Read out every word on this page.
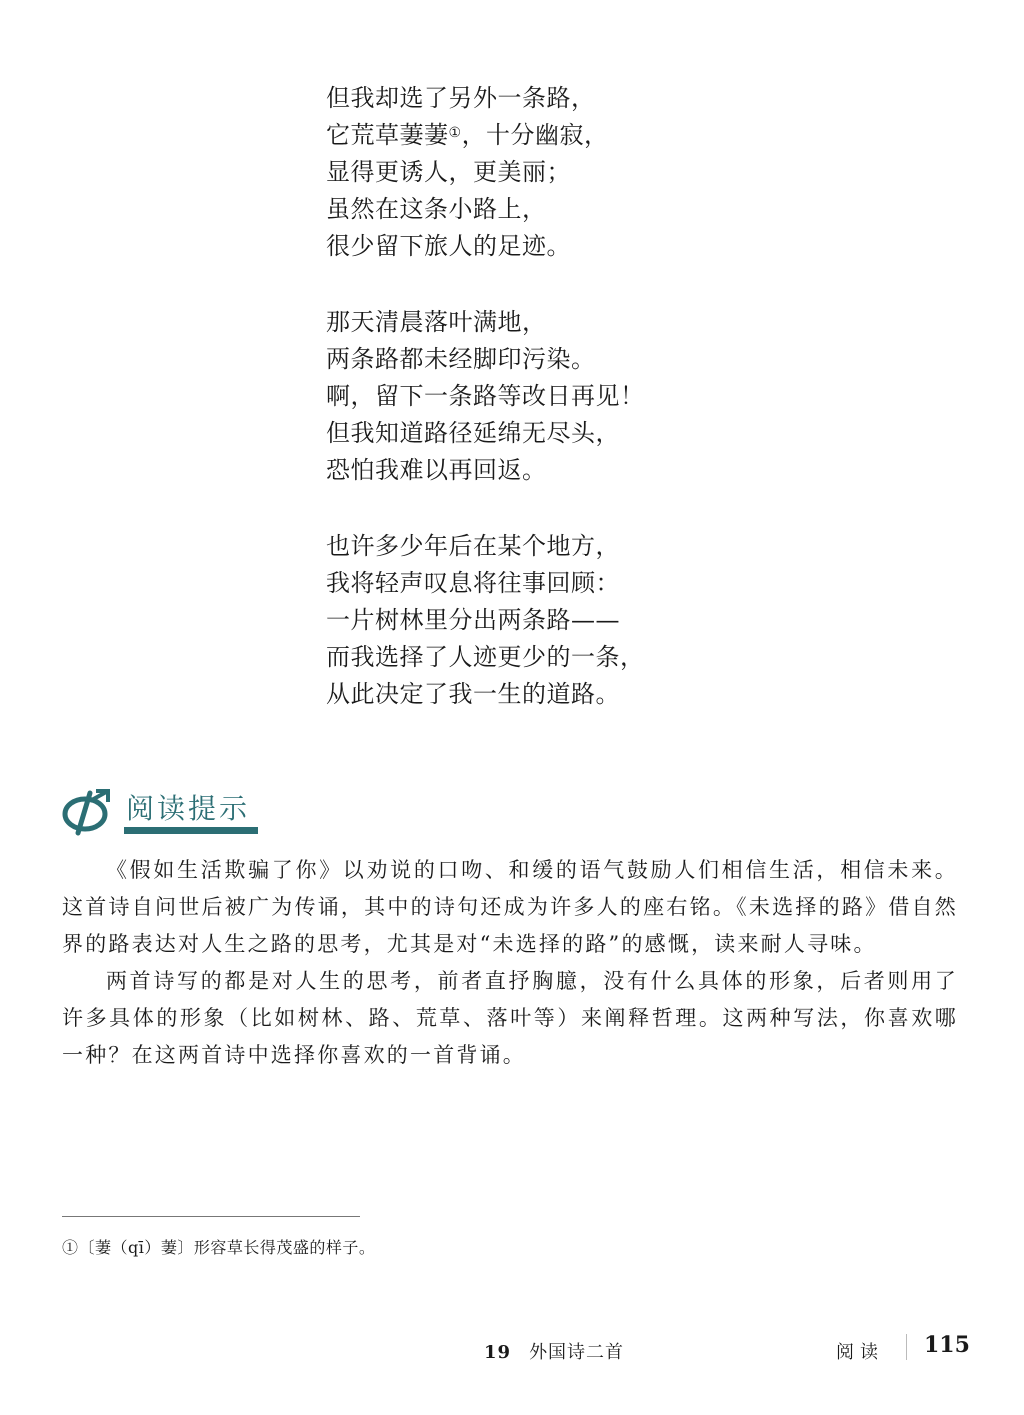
但我却选了另外一条路，
它荒草萋萋①，十分幽寂，
显得更诱人，更美丽；
虽然在这条小路上，
很少留下旅人的足迹。
那天清晨落叶满地，
两条路都未经脚印污染。
啊，留下一条路等改日再见！
但我知道路径延绵无尽头，
恐怕我难以再回返。
也许多少年后在某个地方，
我将轻声叹息将往事回顾：
一片树林里分出两条路——
而我选择了人迹更少的一条，
从此决定了我一生的道路。
阅读提示

《假如生活欺骗了你》以劝说的口吻、和缓的语气鼓励人们相信生活，相信未来。这首诗自问世后被广为传诵，其中的诗句还成为许多人的座右铭。《未选择的路》借自然界的路表达对人生之路的思考，尤其是对“未选择的路”的感慨，读来耐人寻味。

两首诗写的都是对人生的思考，前者直抒胸臆，没有什么具体的形象，后者则用了许多具体的形象（比如树林、路、荒草、落叶等）来阐释哲理。这两种写法，你喜欢哪一种？在这两首诗中选择你喜欢的一首背诵。

①〔萋（qī）萋〕形容草长得茂盛的样子。
19 外国诗二首	阅读 115
